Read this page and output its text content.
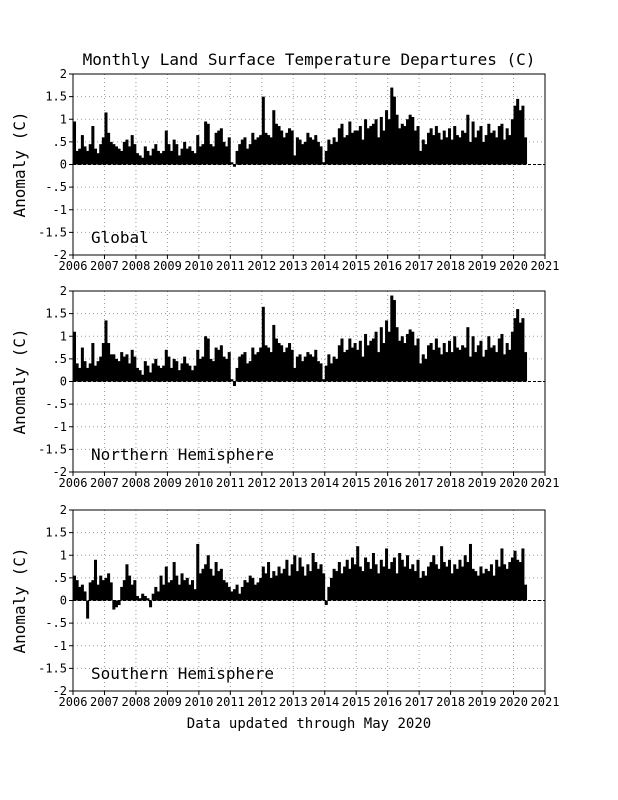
Monthly Land Surface Temperature Departures (C)
-2
-1.5
-1
-.5
0
.5
1
1.5
2
2006 2007 2008 2009 2010 2011 2012 2013 2014 2015 2016 2017 2018 2019 2020 2021
Anomaly (C)
Global
-2
-1.5
-1
-.5
0
.5
1
1.5
2
2006 2007 2008 2009 2010 2011 2012 2013 2014 2015 2016 2017 2018 2019 2020 2021
Anomaly (C)
Northern Hemisphere
-2
-1.5
-1
-.5
0
.5
1
1.5
2
2006 2007 2008 2009 2010 2011 2012 2013 2014 2015 2016 2017 2018 2019 2020 2021
Anomaly (C)
Southern Hemisphere
Data updated through May 2020
